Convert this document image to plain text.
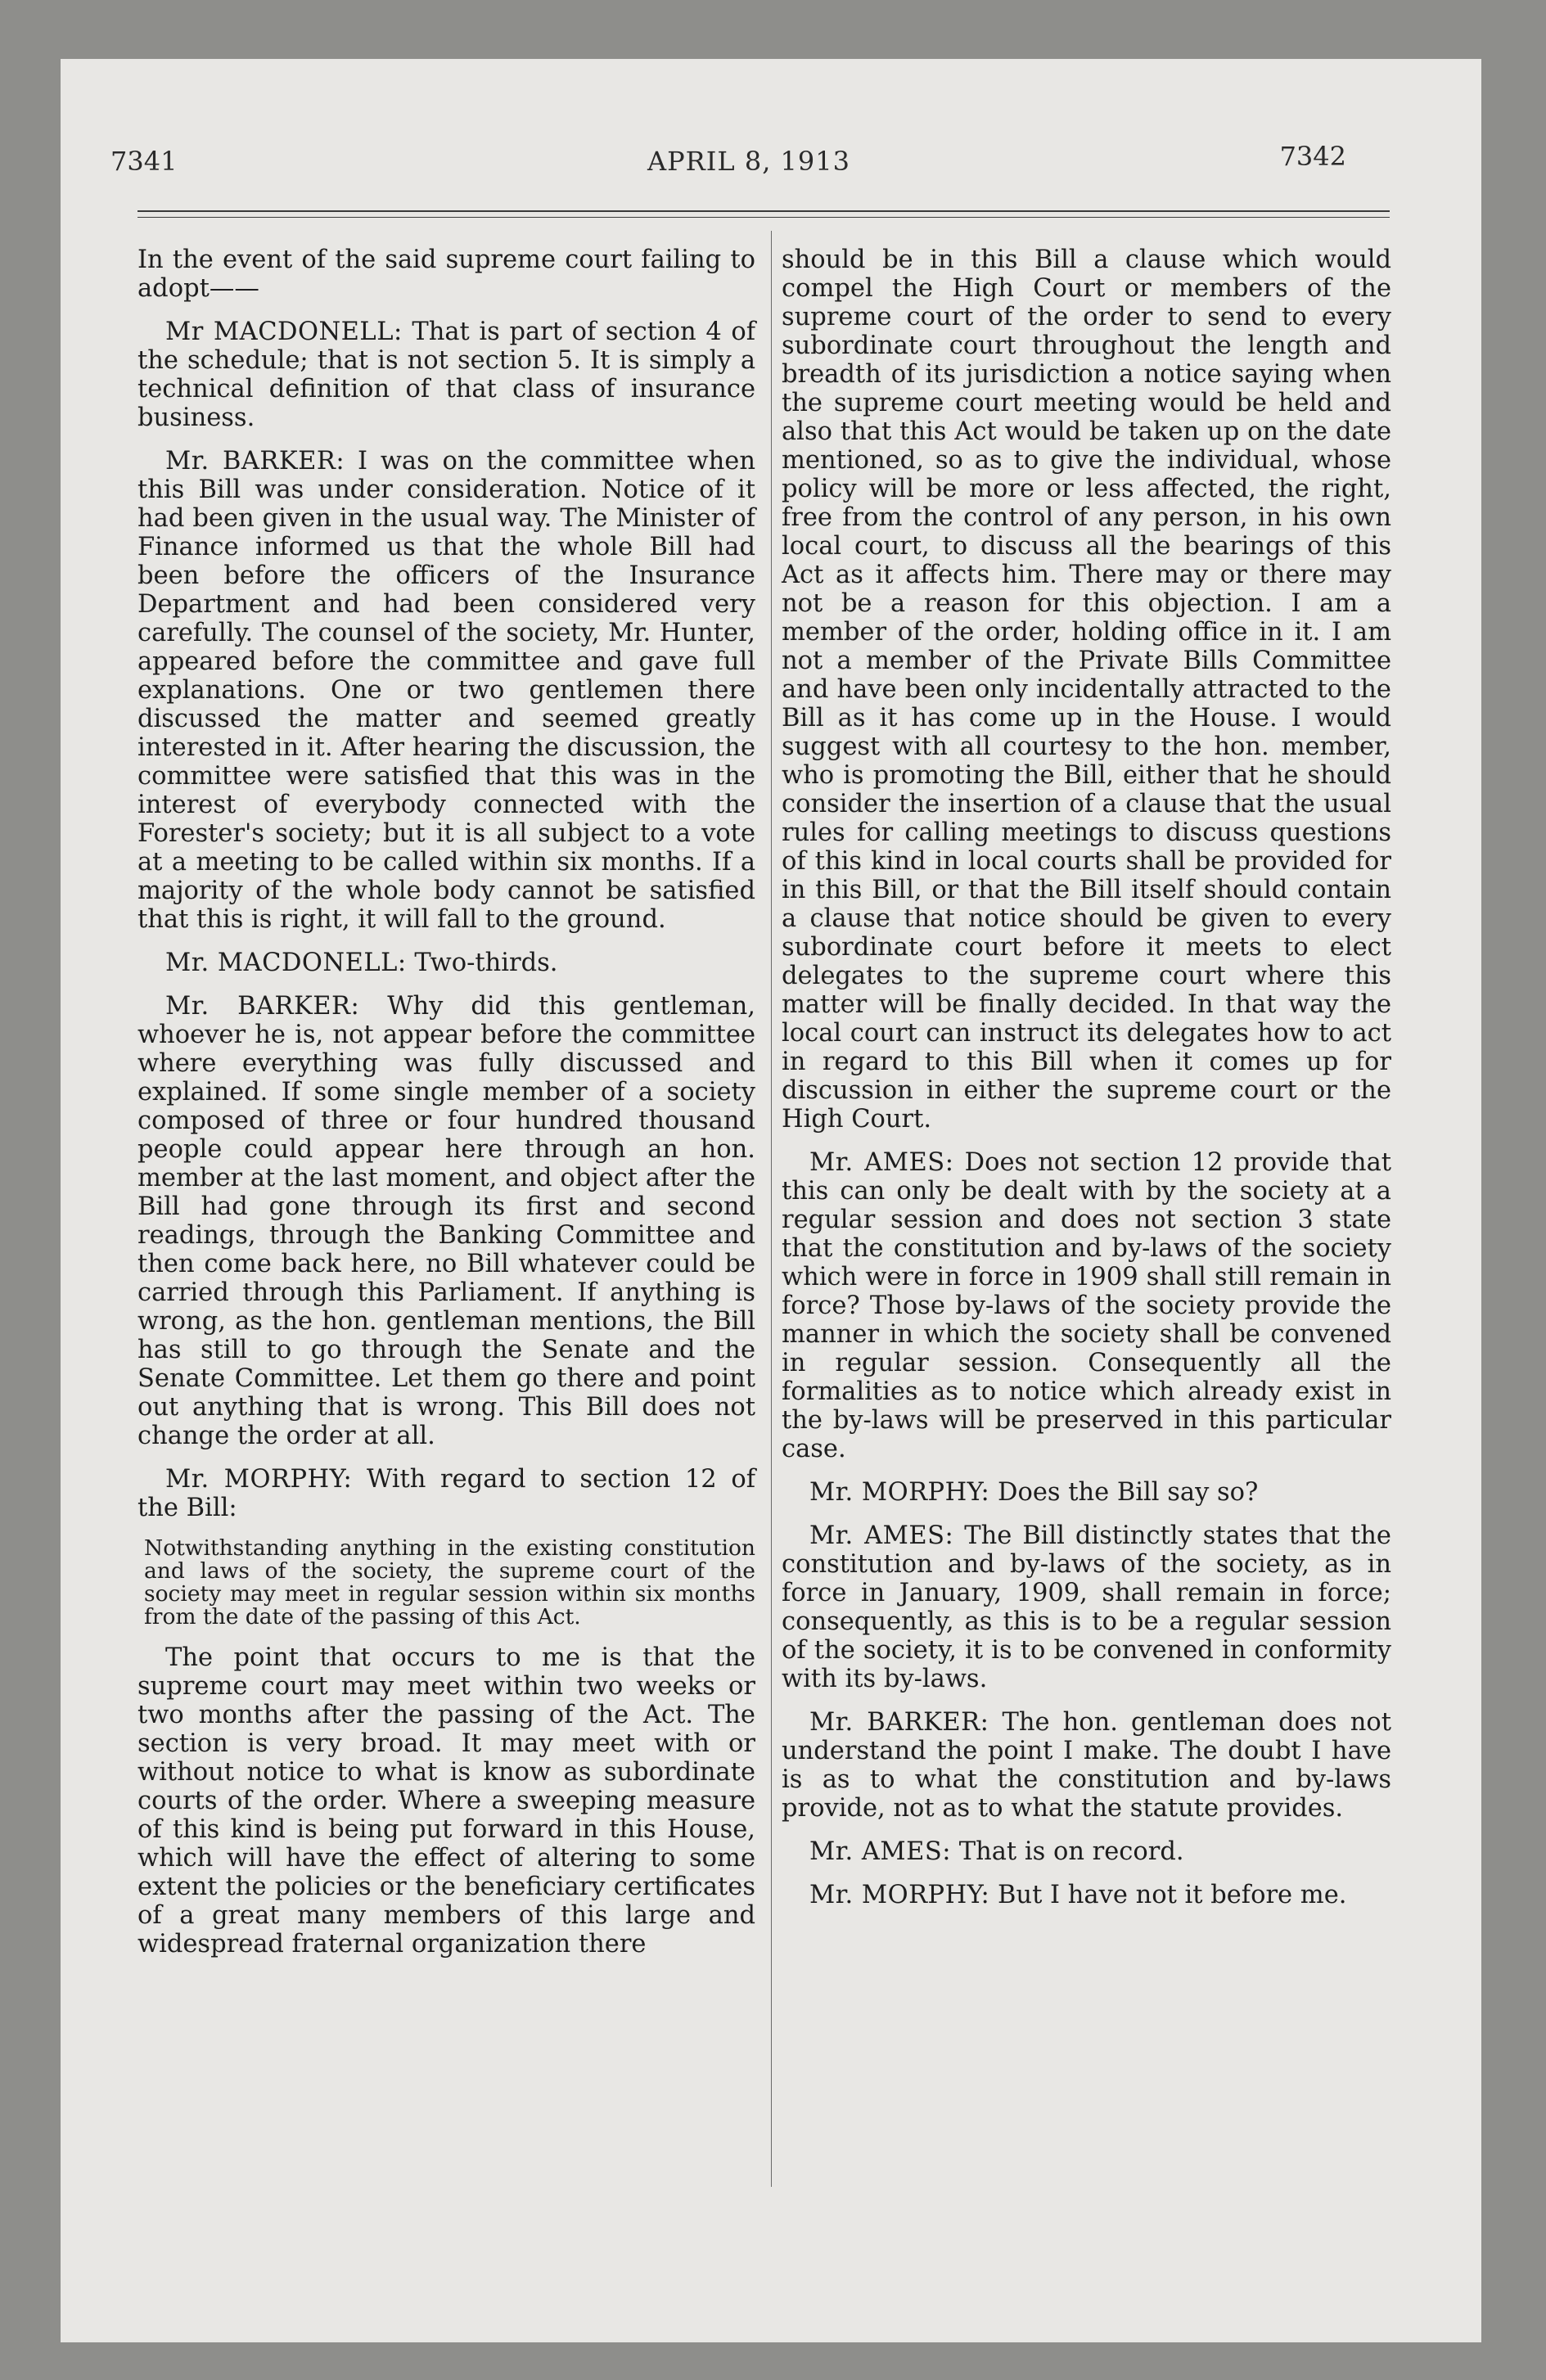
7341	APRIL 8, 1913	7342

In the event of the said supreme court failing to adopt——

Mr MACDONELL: That is part of section 4 of the schedule; that is not section 5. It is simply a technical definition of that class of insurance business.

Mr. BARKER: I was on the committee when this Bill was under consideration. Notice of it had been given in the usual way. The Minister of Finance informed us that the whole Bill had been before the officers of the Insurance Department and had been considered very carefully. The counsel of the society, Mr. Hunter, appeared before the committee and gave full explanations. One or two gentlemen there discussed the matter and seemed greatly interested in it. After hearing the discussion, the committee were satisfied that this was in the interest of everybody connected with the Forester's society; but it is all subject to a vote at a meeting to be called within six months. If a majority of the whole body cannot be satisfied that this is right, it will fall to the ground.

Mr. MACDONELL: Two-thirds.

Mr. BARKER: Why did this gentleman, whoever he is, not appear before the committee where everything was fully discussed and explained. If some single member of a society composed of three or four hundred thousand people could appear here through an hon. member at the last moment, and object after the Bill had gone through its first and second readings, through the Banking Committee and then come back here, no Bill whatever could be carried through this Parliament. If anything is wrong, as the hon. gentleman mentions, the Bill has still to go through the Senate and the Senate Committee. Let them go there and point out anything that is wrong. This Bill does not change the order at all.

Mr. MORPHY: With regard to section 12 of the Bill:

Notwithstanding anything in the existing constitution and laws of the society, the supreme court of the society may meet in regular session within six months from the date of the passing of this Act.

The point that occurs to me is that the supreme court may meet within two weeks or two months after the passing of the Act. The section is very broad. It may meet with or without notice to what is know as subordinate courts of the order. Where a sweeping measure of this kind is being put forward in this House, which will have the effect of altering to some extent the policies or the beneficiary certificates of a great many members of this large and widespread fraternal organization there

should be in this Bill a clause which would compel the High Court or members of the supreme court of the order to send to every subordinate court throughout the length and breadth of its jurisdiction a notice saying when the supreme court meeting would be held and also that this Act would be taken up on the date mentioned, so as to give the individual, whose policy will be more or less affected, the right, free from the control of any person, in his own local court, to discuss all the bearings of this Act as it affects him. There may or there may not be a reason for this objection. I am a member of the order, holding office in it. I am not a member of the Private Bills Committee and have been only incidentally attracted to the Bill as it has come up in the House. I would suggest with all courtesy to the hon. member, who is promoting the Bill, either that he should consider the insertion of a clause that the usual rules for calling meetings to discuss questions of this kind in local courts shall be provided for in this Bill, or that the Bill itself should contain a clause that notice should be given to every subordinate court before it meets to elect delegates to the supreme court where this matter will be finally decided. In that way the local court can instruct its delegates how to act in regard to this Bill when it comes up for discussion in either the supreme court or the High Court.

Mr. AMES: Does not section 12 provide that this can only be dealt with by the society at a regular session and does not section 3 state that the constitution and by-laws of the society which were in force in 1909 shall still remain in force? Those by-laws of the society provide the manner in which the society shall be convened in regular session. Consequently all the formalities as to notice which already exist in the by-laws will be preserved in this particular case.

Mr. MORPHY: Does the Bill say so?

Mr. AMES: The Bill distinctly states that the constitution and by-laws of the society, as in force in January, 1909, shall remain in force; consequently, as this is to be a regular session of the society, it is to be convened in conformity with its by-laws.

Mr. BARKER: The hon. gentleman does not understand the point I make. The doubt I have is as to what the constitution and by-laws provide, not as to what the statute provides.

Mr. AMES: That is on record.

Mr. MORPHY: But I have not it before me.
